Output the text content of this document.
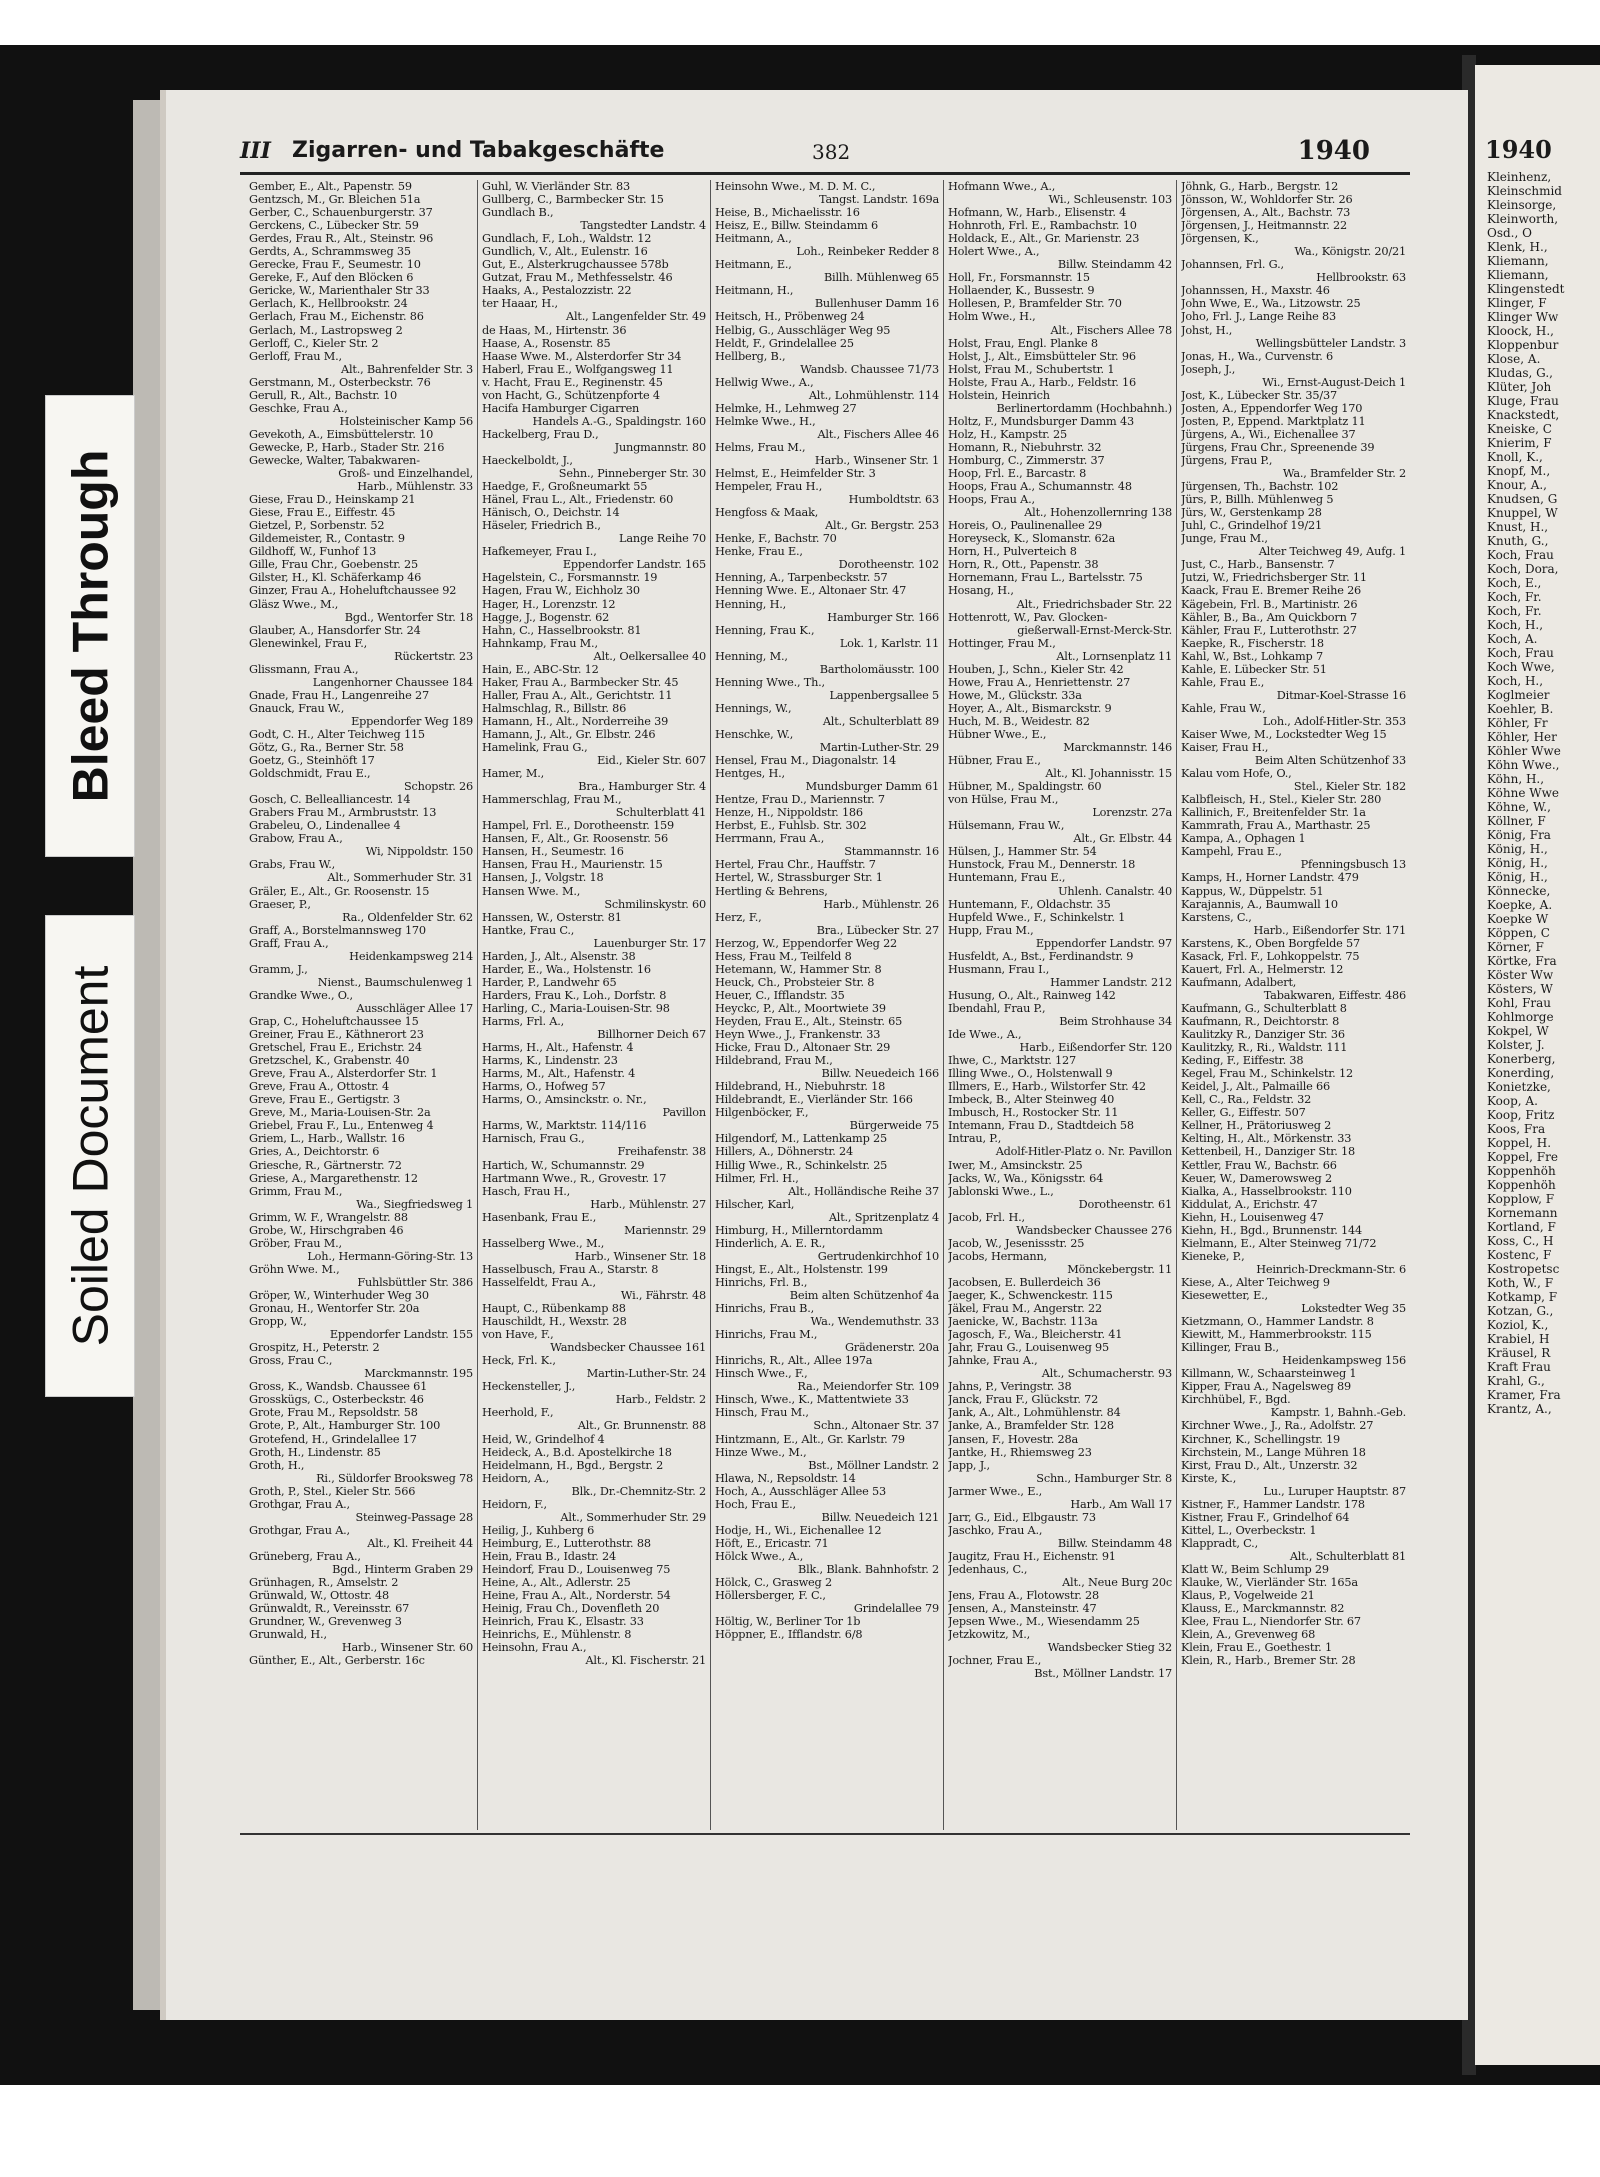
1940
Kleinhenz,
Kleinschmid
Kleinsorge,
Kleinworth,
Osd., O
Klenk, H.,
Kliemann,
Kliemann,
Klingenstedt
Klinger, F
Klinger Ww
Kloock, H.,
Kloppenbur
Klose, A.
Kludas, G.,
Klüter, Joh
Kluge, Frau
Knackstedt,
Kneiske, C
Knierim, F
Knoll, K.,
Knopf, M.,
Knour, A.,
Knudsen, G
Knuppel, W
Knust, H.,
Knuth, G.,
Koch, Frau
Koch, Dora,
Koch, E.,
Koch, Fr.
Koch, Fr.
Koch, H.,
Koch, A.
Koch, Frau
Koch Wwe,
Koch, H.,
Koglmeier
Koehler, B.
Köhler, Fr
Köhler, Her
Köhler Wwe
Köhn Wwe.,
Köhn, H.,
Köhne Wwe
Köhne, W.,
Köllner, F
König, Fra
König, H.,
König, H.,
König, H.,
Könnecke,
Koepke, A.
Koepke W
Köppen, C
Körner, F
Körtke, Fra
Köster Ww
Kösters, W
Kohl, Frau
Kohlmorge
Kokpel, W
Kolster, J.
Konerberg,
Konerding,
Konietzke,
Koop, A.
Koop, Fritz
Koos, Fra
Koppel, H.
Koppel, Fre
Koppenhöh
Koppenhöh
Kopplow, F
Kornemann
Kortland, F
Koss, C., H
Kostenc, F
Kostropetsc
Koth, W., F
Kotkamp, F
Kotzan, G.,
Koziol, K.,
Krabiel, H
Kräusel, R
Kraft Frau
Krahl, G.,
Kramer, Fra
Krantz, A.,
III Zigarren- und Tabakgeschäfte	382	1940
Gember, E., Alt., Papenstr. 59
Gentzsch, M., Gr. Bleichen 51a
Gerber, C., Schauenburgerstr. 37
Gerckens, C., Lübecker Str. 59
Gerdes, Frau R., Alt., Steinstr. 96
Gerdts, A., Schrammsweg 35
Gerecke, Frau F., Seumestr. 10
Gereke, F., Auf den Blöcken 6
Gericke, W., Marienthaler Str 33
Gerlach, K., Hellbrookstr. 24
Gerlach, Frau M., Eichenstr. 86
Gerlach, M., Lastropsweg 2
Gerloff, C., Kieler Str. 2
Gerloff, Frau M.,
   Alt., Bahrenfelder Str. 3
Gerstmann, M., Osterbeckstr. 76
Gerull, R., Alt., Bachstr. 10
Geschke, Frau A.,
   Holsteinischer Kamp 56
Gevekoth, A., Eimsbüttelerstr. 10
Gewecke, P., Harb., Stader Str. 216
Gewecke, Walter, Tabakwaren-
   Groß- und Einzelhandel,
   Harb., Mühlenstr. 33
Giese, Frau D., Heinskamp 21
Giese, Frau E., Eiffestr. 45
Gietzel, P., Sorbenstr. 52
Gildemeister, R., Contastr. 9
Gildhoff, W., Funhof 13
Gille, Frau Chr., Goebenstr. 25
Gilster, H., Kl. Schäferkamp 46
Ginzer, Frau A., Hoheluftchaussee 92
Gläsz Wwe., M.,
   Bgd., Wentorfer Str. 18
Glauber, A., Hansdorfer Str. 24
Glenewinkel, Frau F.,
   Rückertstr. 23
Glissmann, Frau A.,
   Langenhorner Chaussee 184
Gnade, Frau H., Langenreihe 27
Gnauck, Frau W.,
   Eppendorfer Weg 189
Godt, C. H., Alter Teichweg 115
Götz, G., Ra., Berner Str. 58
Goetz, G., Steinhöft 17
Goldschmidt, Frau E.,
   Schopstr. 26
Gosch, C. Bellealliancestr. 14
Grabers Frau M., Armbruststr. 13
Grabeleu, O., Lindenallee 4
Grabow, Frau A.,
   Wi, Nippoldstr. 150
Grabs, Frau W.,
   Alt., Sommerhuder Str. 31
Gräler, E., Alt., Gr. Roosenstr. 15
Graeser, P.,
   Ra., Oldenfelder Str. 62
Graff, A., Borstelmannsweg 170
Graff, Frau A.,
   Heidenkampsweg 214
Gramm, J.,
   Nienst., Baumschulenweg 1
Grandke Wwe., O.,
   Ausschläger Allee 17
Grap, C., Hoheluftchaussee 15
Greiner, Frau E., Käthnerort 23
Gretschel, Frau E., Erichstr. 24
Gretzschel, K., Grabenstr. 40
Greve, Frau A., Alsterdorfer Str. 1
Greve, Frau A., Ottostr. 4
Greve, Frau E., Gertigstr. 3
Greve, M., Maria-Louisen-Str. 2a
Griebel, Frau F., Lu., Entenweg 4
Griem, L., Harb., Wallstr. 16
Gries, A., Deichtorstr. 6
Griesche, R., Gärtnerstr. 72
Griese, A., Margarethenstr. 12
Grimm, Frau M.,
   Wa., Siegfriedsweg 1
Grimm, W. F., Wrangelstr. 88
Grobe, W., Hirschgraben 46
Gröber, Frau M.,
   Loh., Hermann-Göring-Str. 13
Gröhn Wwe. M.,
   Fuhlsbüttler Str. 386
Gröper, W., Winterhuder Weg 30
Gronau, H., Wentorfer Str. 20a
Gropp, W.,
   Eppendorfer Landstr. 155
Grospitz, H., Peterstr. 2
Gross, Frau C.,
   Marckmannstr. 195
Gross, K., Wandsb. Chaussee 61
Grosskügs, C., Osterbeckstr. 46
Grote, Frau M., Repsoldstr. 58
Grote, P., Alt., Hamburger Str. 100
Grotefend, H., Grindelallee 17
Groth, H., Lindenstr. 85
Groth, H.,
   Ri., Süldorfer Brooksweg 78
Groth, P., Stel., Kieler Str. 566
Grothgar, Frau A.,
   Steinweg-Passage 28
Grothgar, Frau A.,
   Alt., Kl. Freiheit 44
Grüneberg, Frau A.,
   Bgd., Hinterm Graben 29
Grünhagen, R., Amselstr. 2
Grünwald, W., Ottostr. 48
Grünwaldt, R., Vereinsstr. 67
Grundner, W., Grevenweg 3
Grunwald, H.,
   Harb., Winsener Str. 60
Günther, E., Alt., Gerberstr. 16c
Guhl, W. Vierländer Str. 83
Gullberg, C., Barmbecker Str. 15
Gundlach B.,
   Tangstedter Landstr. 4
Gundlach, F., Loh., Waldstr. 12
Gundlich, V., Alt., Eulenstr. 16
Gut, E., Alsterkrugchaussee 578b
Gutzat, Frau M., Methfesselstr. 46
Haaks, A., Pestalozzistr. 22
ter Haaar, H.,
   Alt., Langenfelder Str. 49
de Haas, M., Hirtenstr. 36
Haase, A., Rosenstr. 85
Haase Wwe. M., Alsterdorfer Str 34
Haberl, Frau E., Wolfgangsweg 11
v. Hacht, Frau E., Reginenstr. 45
von Hacht, G., Schützenpforte 4
Hacifa Hamburger Cigarren
   Handels A.-G., Spaldingstr. 160
Hackelberg, Frau D.,
   Jungmannstr. 80
Haeckelboldt, J.,
   Sehn., Pinneberger Str. 30
Haedge, F., Großneumarkt 55
Hänel, Frau L., Alt., Friedenstr. 60
Hänisch, O., Deichstr. 14
Häseler, Friedrich B.,
   Lange Reihe 70
Hafkemeyer, Frau I.,
   Eppendorfer Landstr. 165
Hagelstein, C., Forsmannstr. 19
Hagen, Frau W., Eichholz 30
Hager, H., Lorenzstr. 12
Hagge, J., Bogenstr. 62
Hahn, C., Hasselbrookstr. 81
Hahnkamp, Frau M.,
   Alt., Oelkersallee 40
Hain, E., ABC-Str. 12
Haker, Frau A., Barmbecker Str. 45
Haller, Frau A., Alt., Gerichtstr. 11
Halmschlag, R., Billstr. 86
Hamann, H., Alt., Norderreihe 39
Hamann, J., Alt., Gr. Elbstr. 246
Hamelink, Frau G.,
   Eid., Kieler Str. 607
Hamer, M.,
   Bra., Hamburger Str. 4
Hammerschlag, Frau M.,
   Schulterblatt 41
Hampel, Frl. E., Dorotheenstr. 159
Hansen, F., Alt., Gr. Roosenstr. 56
Hansen, H., Seumestr. 16
Hansen, Frau H., Maurienstr. 15
Hansen, J., Volgstr. 18
Hansen Wwe. M.,
   Schmilinskystr. 60
Hanssen, W., Osterstr. 81
Hantke, Frau C.,
   Lauenburger Str. 17
Harden, J., Alt., Alsenstr. 38
Harder, E., Wa., Holstenstr. 16
Harder, P., Landwehr 65
Harders, Frau K., Loh., Dorfstr. 8
Harling, C., Maria-Louisen-Str. 98
Harms, Frl. A.,
   Billhorner Deich 67
Harms, H., Alt., Hafenstr. 4
Harms, K., Lindenstr. 23
Harms, M., Alt., Hafenstr. 4
Harms, O., Hofweg 57
Harms, O., Amsinckstr. o. Nr.,
   Pavillon
Harms, W., Marktstr. 114/116
Harnisch, Frau G.,
   Freihafenstr. 38
Hartich, W., Schumannstr. 29
Hartmann Wwe., R., Grovestr. 17
Hasch, Frau H.,
   Harb., Mühlenstr. 27
Hasenbank, Frau E.,
   Mariennstr. 29
Hasselberg Wwe., M.,
   Harb., Winsener Str. 18
Hasselbusch, Frau A., Starstr. 8
Hasselfeldt, Frau A.,
   Wi., Fährstr. 48
Haupt, C., Rübenkamp 88
Hauschildt, H., Wexstr. 28
von Have, F.,
   Wandsbecker Chaussee 161
Heck, Frl. K.,
   Martin-Luther-Str. 24
Heckensteller, J.,
   Harb., Feldstr. 2
Heerhold, F.,
   Alt., Gr. Brunnenstr. 88
Heid, W., Grindelhof 4
Heideck, A., B.d. Apostelkirche 18
Heidelmann, H., Bgd., Bergstr. 2
Heidorn, A.,
   Blk., Dr.-Chemnitz-Str. 2
Heidorn, F.,
   Alt., Sommerhuder Str. 29
Heilig, J., Kuhberg 6
Heimburg, E., Lutterothstr. 88
Hein, Frau B., Idastr. 24
Heindorf, Frau D., Louisenweg 75
Heine, A., Alt., Adlerstr. 25
Heine, Frau A., Alt., Norderstr. 54
Heinig, Frau Ch., Dovenfleth 20
Heinrich, Frau K., Elsastr. 33
Heinrichs, E., Mühlenstr. 8
Heinsohn, Frau A.,
   Alt., Kl. Fischerstr. 21
Heinsohn Wwe., M. D. M. C.,
   Tangst. Landstr. 169a
Heise, B., Michaelisstr. 16
Heisz, E., Billw. Steindamm 6
Heitmann, A.,
   Loh., Reinbeker Redder 8
Heitmann, E.,
   Billh. Mühlenweg 65
Heitmann, H.,
   Bullenhuser Damm 16
Heitsch, H., Pröbenweg 24
Helbig, G., Ausschläger Weg 95
Heldt, F., Grindelallee 25
Hellberg, B.,
   Wandsb. Chaussee 71/73
Hellwig Wwe., A.,
   Alt., Lohmühlenstr. 114
Helmke, H., Lehmweg 27
Helmke Wwe., H.,
   Alt., Fischers Allee 46
Helms, Frau M.,
   Harb., Winsener Str. 1
Helmst, E., Heimfelder Str. 3
Hempeler, Frau H.,
   Humboldtstr. 63
Hengfoss & Maak,
   Alt., Gr. Bergstr. 253
Henke, F., Bachstr. 70
Henke, Frau E.,
   Dorotheenstr. 102
Henning, A., Tarpenbeckstr. 57
Henning Wwe. E., Altonaer Str. 47
Henning, H.,
   Hamburger Str. 166
Henning, Frau K.,
   Lok. 1, Karlstr. 11
Henning, M.,
   Bartholomäusstr. 100
Henning Wwe., Th.,
   Lappenbergsallee 5
Hennings, W.,
   Alt., Schulterblatt 89
Henschke, W.,
   Martin-Luther-Str. 29
Hensel, Frau M., Diagonalstr. 14
Hentges, H.,
   Mundsburger Damm 61
Hentze, Frau D., Mariennstr. 7
Henze, H., Nippoldstr. 186
Herbst, E., Fuhlsb. Str. 302
Herrmann, Frau A.,
   Stammannstr. 16
Hertel, Frau Chr., Hauffstr. 7
Hertel, W., Strassburger Str. 1
Hertling & Behrens,
   Harb., Mühlenstr. 26
Herz, F.,
   Bra., Lübecker Str. 27
Herzog, W., Eppendorfer Weg 22
Hess, Frau M., Teilfeld 8
Hetemann, W., Hammer Str. 8
Heuck, Ch., Probsteier Str. 8
Heuer, C., Ifflandstr. 35
Heyckc, P., Alt., Moortwiete 39
Heyden, Frau E., Alt., Steinstr. 65
Heyn Wwe., J., Frankenstr. 33
Hicke, Frau D., Altonaer Str. 29
Hildebrand, Frau M.,
   Billw. Neuedeich 166
Hildebrand, H., Niebuhrstr. 18
Hildebrandt, E., Vierländer Str. 166
Hilgenböcker, F.,
   Bürgerweide 75
Hilgendorf, M., Lattenkamp 25
Hillers, A., Döhnerstr. 24
Hillig Wwe., R., Schinkelstr. 25
Hilmer, Frl. H.,
   Alt., Holländische Reihe 37
Hilscher, Karl,
   Alt., Spritzenplatz 4
Himburg, H., Millerntordamm
Hinderlich, A. E. R.,
   Gertrudenkirchhof 10
Hingst, E., Alt., Holstenstr. 199
Hinrichs, Frl. B.,
   Beim alten Schützenhof 4a
Hinrichs, Frau B.,
   Wa., Wendemuthstr. 33
Hinrichs, Frau M.,
   Grädenerstr. 20a
Hinrichs, R., Alt., Allee 197a
Hinsch Wwe., F.,
   Ra., Meiendorfer Str. 109
Hinsch, Wwe., K., Mattentwiete 33
Hinsch, Frau M.,
   Schn., Altonaer Str. 37
Hintzmann, E., Alt., Gr. Karlstr. 79
Hinze Wwe., M.,
   Bst., Möllner Landstr. 2
Hlawa, N., Repsoldstr. 14
Hoch, A., Ausschläger Allee 53
Hoch, Frau E.,
   Billw. Neuedeich 121
Hodje, H., Wi., Eichenallee 12
Höft, E., Ericastr. 71
Hölck Wwe., A.,
   Blk., Blank. Bahnhofstr. 2
Hölck, C., Grasweg 2
Höllersberger, F. C.,
   Grindelallee 79
Höltig, W., Berliner Tor 1b
Höppner, E., Ifflandstr. 6/8
Hofmann Wwe., A.,
   Wi., Schleusenstr. 103
Hofmann, W., Harb., Elisenstr. 4
Hohnroth, Frl. E., Rambachstr. 10
Holdack, E., Alt., Gr. Marienstr. 23
Holert Wwe., A.,
   Billw. Steindamm 42
Holl, Fr., Forsmannstr. 15
Hollaender, K., Bussestr. 9
Hollesen, P., Bramfelder Str. 70
Holm Wwe., H.,
   Alt., Fischers Allee 78
Holst, Frau, Engl. Planke 8
Holst, J., Alt., Eimsbütteler Str. 96
Holst, Frau M., Schubertstr. 1
Holste, Frau A., Harb., Feldstr. 16
Holstein, Heinrich
   Berlinertordamm (Hochbahnh.)
Holtz, F., Mundsburger Damm 43
Holz, H., Kampstr. 25
Homann, R., Niebuhrstr. 32
Homburg, C., Zimmerstr. 37
Hoop, Frl. E., Barcastr. 8
Hoops, Frau A., Schumannstr. 48
Hoops, Frau A.,
   Alt., Hohenzollernring 138
Horeis, O., Paulinenallee 29
Horeyseck, K., Slomanstr. 62a
Horn, H., Pulverteich 8
Horn, R., Ott., Papenstr. 38
Hornemann, Frau L., Bartelsstr. 75
Hosang, H.,
   Alt., Friedrichsbader Str. 22
Hottenrott, W., Pav. Glocken-
   gießerwall-Ernst-Merck-Str.
Hottinger, Frau M.,
   Alt., Lornsenplatz 11
Houben, J., Schn., Kieler Str. 42
Howe, Frau A., Henriettenstr. 27
Howe, M., Glückstr. 33a
Hoyer, A., Alt., Bismarckstr. 9
Huch, M. B., Weidestr. 82
Hübner Wwe., E.,
   Marckmannstr. 146
Hübner, Frau E.,
   Alt., Kl. Johannisstr. 15
Hübner, M., Spaldingstr. 60
von Hülse, Frau M.,
   Lorenzstr. 27a
Hülsemann, Frau W.,
   Alt., Gr. Elbstr. 44
Hülsen, J., Hammer Str. 54
Hunstock, Frau M., Dennerstr. 18
Huntemann, Frau E.,
   Uhlenh. Canalstr. 40
Huntemann, F., Oldachstr. 35
Hupfeld Wwe., F., Schinkelstr. 1
Hupp, Frau M.,
   Eppendorfer Landstr. 97
Husfeldt, A., Bst., Ferdinandstr. 9
Husmann, Frau I.,
   Hammer Landstr. 212
Husung, O., Alt., Rainweg 142
Ibendahl, Frau P.,
   Beim Strohhause 34
Ide Wwe., A.,
   Harb., Eißendorfer Str. 120
Ihwe, C., Marktstr. 127
Illing Wwe., O., Holstenwall 9
Illmers, E., Harb., Wilstorfer Str. 42
Imbeck, B., Alter Steinweg 40
Imbusch, H., Rostocker Str. 11
Intemann, Frau D., Stadtdeich 58
Intrau, P.,
   Adolf-Hitler-Platz o. Nr. Pavillon
Iwer, M., Amsinckstr. 25
Jacks, W., Wa., Königsstr. 64
Jablonski Wwe., L.,
   Dorotheenstr. 61
Jacob, Frl. H.,
   Wandsbecker Chaussee 276
Jacob, W., Jesenissstr. 25
Jacobs, Hermann,
   Mönckebergstr. 11
Jacobsen, E. Bullerdeich 36
Jaeger, K., Schwenckestr. 115
Jäkel, Frau M., Angerstr. 22
Jaenicke, W., Bachstr. 113a
Jagosch, F., Wa., Bleicherstr. 41
Jahr, Frau G., Louisenweg 95
Jahnke, Frau A.,
   Alt., Schumacherstr. 93
Jahns, P., Veringstr. 38
Janck, Frau F., Glückstr. 72
Jank, A., Alt., Lohmühlenstr. 84
Janke, A., Bramfelder Str. 128
Jansen, F., Hovestr. 28a
Jantke, H., Rhiemsweg 23
Japp, J.,
   Schn., Hamburger Str. 8
Jarmer Wwe., E.,
   Harb., Am Wall 17
Jarr, G., Eid., Elbgaustr. 73
Jaschko, Frau A.,
   Billw. Steindamm 48
Jaugitz, Frau H., Eichenstr. 91
Jedenhaus, C.,
   Alt., Neue Burg 20c
Jens, Frau A., Flotowstr. 28
Jensen, A., Mansteinstr. 47
Jepsen Wwe., M., Wiesendamm 25
Jetzkowitz, M.,
   Wandsbecker Stieg 32
Jochner, Frau E.,
   Bst., Möllner Landstr. 17
Jöhnk, G., Harb., Bergstr. 12
Jönsson, W., Wohldorfer Str. 26
Jörgensen, A., Alt., Bachstr. 73
Jörgensen, J., Heitmannstr. 22
Jörgensen, K.,
   Wa., Königstr. 20/21
Johannsen, Frl. G.,
   Hellbrookstr. 63
Johannssen, H., Maxstr. 46
John Wwe, E., Wa., Litzowstr. 25
Joho, Frl. J., Lange Reihe 83
Johst, H.,
   Wellingsbütteler Landstr. 3
Jonas, H., Wa., Curvenstr. 6
Joseph, J.,
   Wi., Ernst-August-Deich 1
Jost, K., Lübecker Str. 35/37
Josten, A., Eppendorfer Weg 170
Josten, P., Eppend. Marktplatz 11
Jürgens, A., Wi., Eichenallee 37
Jürgens, Frau Chr., Spreenende 39
Jürgens, Frau P.,
   Wa., Bramfelder Str. 2
Jürgensen, Th., Bachstr. 102
Jürs, P., Billh. Mühlenweg 5
Jürs, W., Gerstenkamp 28
Juhl, C., Grindelhof 19/21
Junge, Frau M.,
   Alter Teichweg 49, Aufg. 1
Just, C., Harb., Bansenstr. 7
Jutzi, W., Friedrichsberger Str. 11
Kaack, Frau E. Bremer Reihe 26
Kägebein, Frl. B., Martinistr. 26
Kähler, B., Ba., Am Quickborn 7
Kähler, Frau F., Lutterothstr. 27
Kaepke, R., Fischerstr. 18
Kahl, W., Bst., Lohkamp 7
Kahle, E. Lübecker Str. 51
Kahle, Frau E.,
   Ditmar-Koel-Strasse 16
Kahle, Frau W.,
   Loh., Adolf-Hitler-Str. 353
Kaiser Wwe, M., Lockstedter Weg 15
Kaiser, Frau H.,
   Beim Alten Schützenhof 33
Kalau vom Hofe, O.,
   Stel., Kieler Str. 182
Kalbfleisch, H., Stel., Kieler Str. 280
Kallinich, F., Breitenfelder Str. 1a
Kammrath, Frau A., Marthastr. 25
Kampa, A., Ophagen 1
Kampehl, Frau E.,
   Pfenningsbusch 13
Kamps, H., Horner Landstr. 479
Kappus, W., Düppelstr. 51
Karajannis, A., Baumwall 10
Karstens, C.,
   Harb., Eißendorfer Str. 171
Karstens, K., Oben Borgfelde 57
Kasack, Frl. F., Lohkoppelstr. 75
Kauert, Frl. A., Helmerstr. 12
Kaufmann, Adalbert,
   Tabakwaren, Eiffestr. 486
Kaufmann, G., Schulterblatt 8
Kaufmann, R., Deichtorstr. 8
Kaulitzky R., Danziger Str. 36
Kaulitzky, R., Ri., Waldstr. 111
Keding, F., Eiffestr. 38
Kegel, Frau M., Schinkelstr. 12
Keidel, J., Alt., Palmaille 66
Kell, C., Ra., Feldstr. 32
Keller, G., Eiffestr. 507
Kellner, H., Prätoriusweg 2
Kelting, H., Alt., Mörkenstr. 33
Kettenbeil, H., Danziger Str. 18
Kettler, Frau W., Bachstr. 66
Keuer, W., Damerowsweg 2
Kialka, A., Hasselbrookstr. 110
Kiddulat, A., Erichstr. 47
Kiehn, H., Louisenweg 47
Kiehn, H., Bgd., Brunnenstr. 144
Kielmann, E., Alter Steinweg 71/72
Kieneke, P.,
   Heinrich-Dreckmann-Str. 6
Kiese, A., Alter Teichweg 9
Kiesewetter, E.,
   Lokstedter Weg 35
Kietzmann, O., Hammer Landstr. 8
Kiewitt, M., Hammerbrookstr. 115
Killinger, Frau B.,
   Heidenkampsweg 156
Killmann, W., Schaarsteinweg 1
Kipper, Frau A., Nagelsweg 89
Kirchhübel, F., Bgd.
   Kampstr. 1, Bahnh.-Geb.
Kirchner Wwe., J., Ra., Adolfstr. 27
Kirchner, K., Schellingstr. 19
Kirchstein, M., Lange Mühren 18
Kirst, Frau D., Alt., Unzerstr. 32
Kirste, K.,
   Lu., Luruper Hauptstr. 87
Kistner, F., Hammer Landstr. 178
Kistner, Frau F., Grindelhof 64
Kittel, L., Overbeckstr. 1
Klappradt, C.,
   Alt., Schulterblatt 81
Klatt W., Beim Schlump 29
Klauke, W., Vierländer Str. 165a
Klaus, P., Vogelweide 21
Klauss, E., Marckmannstr. 82
Klee, Frau L., Niendorfer Str. 67
Klein, A., Grevenweg 68
Klein, Frau E., Goethestr. 1
Klein, R., Harb., Bremer Str. 28
Bleed Through
Soiled Document
